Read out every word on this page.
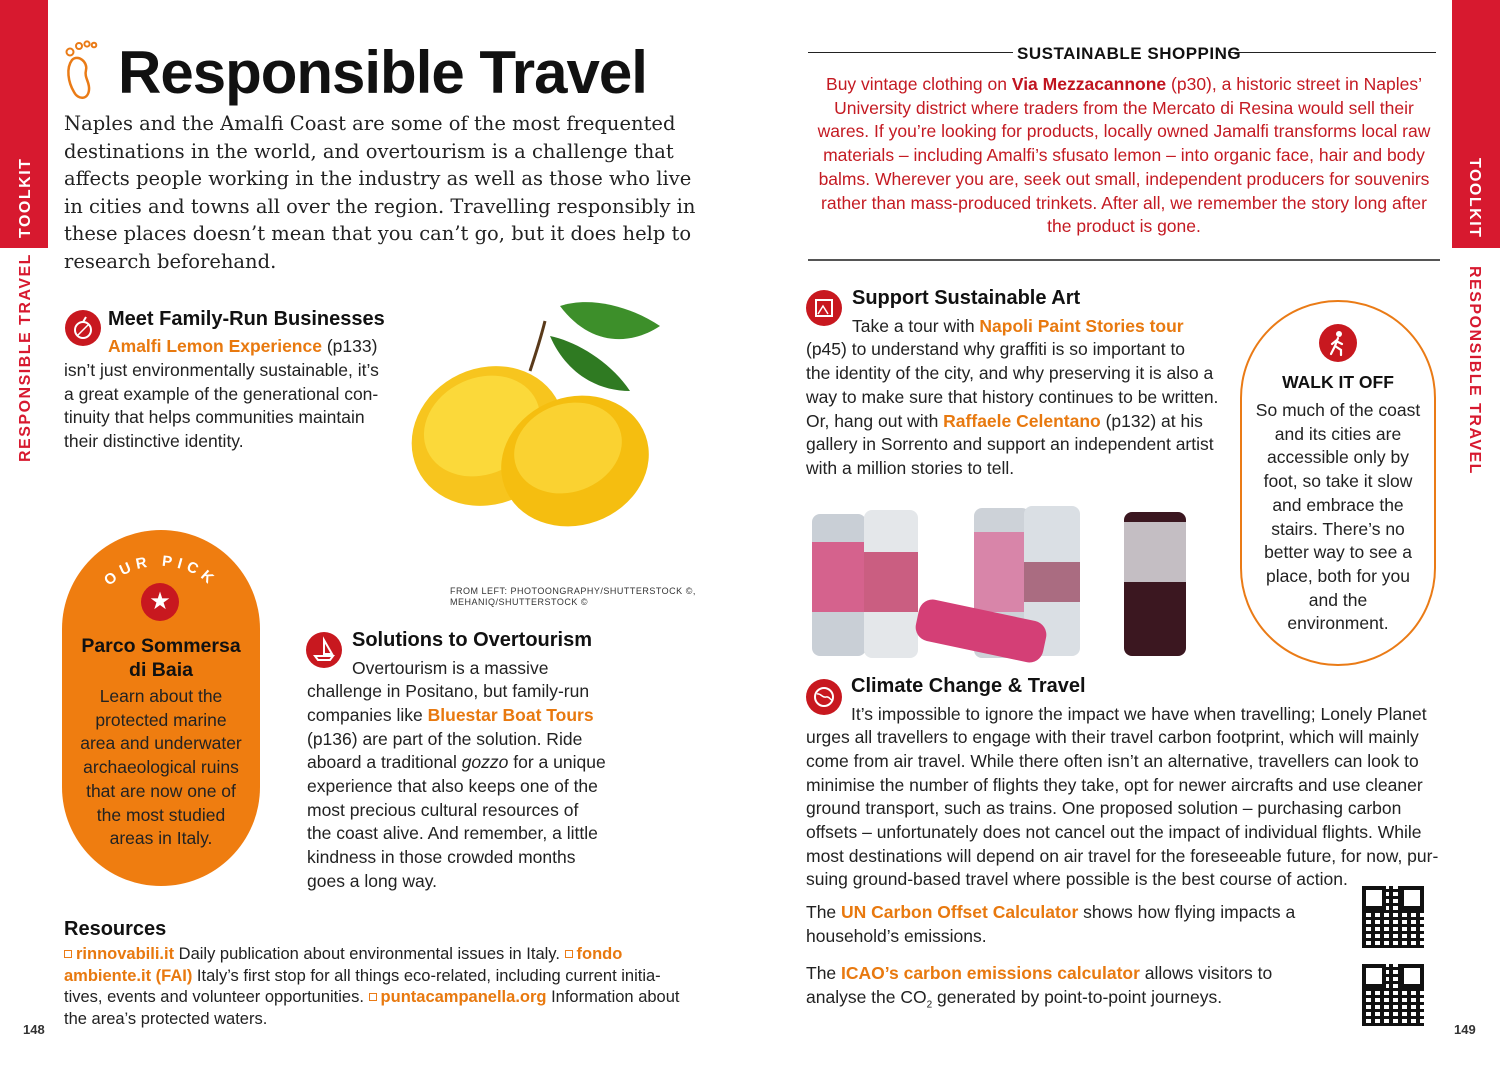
TOOLKIT
RESPONSIBLE TRAVEL
TOOLKIT
RESPONSIBLE TRAVEL
148	149
Responsible Travel
Naples and the Amalfi Coast are some of the most frequented destinations in the world, and overtourism is a challenge that affects people working in the industry as well as those who live in cities and towns all over the region. Travelling responsibly in these places doesn’t mean that you can’t go, but it does help to research beforehand.
Meet Family-Run Businesses
Amalfi Lemon Experience (p133)
isn’t just environmentally sustainable, it’s
a great example of the generational con-
tinuity that helps communities maintain
their distinctive identity.
FROM LEFT: PHOTOONGRAPHY/SHUTTERSTOCK ©,
MEHANIQ/SHUTTERSTOCK ©
OUR PICK
★
Parco Sommersa
di Baia
Learn about the
protected marine
area and underwater
archaeological ruins
that are now one of
the most studied
areas in Italy.
Solutions to Overtourism
Overtourism is a massive
challenge in Positano, but family-run
companies like Bluestar Boat Tours
(p136) are part of the solution. Ride
aboard a traditional gozzo for a unique
experience that also keeps one of the
most precious cultural resources of
the coast alive. And remember, a little
kindness in those crowded months
goes a long way.
Resources
rinnovabili.it Daily publication about environmental issues in Italy. fondo ambiente.it (FAI) Italy’s first stop for all things eco-related, including current initia- tives, events and volunteer opportunities. puntacampanella.org Information about the area’s protected waters.
SUSTAINABLE SHOPPING
Buy vintage clothing on Via Mezzacannone (p30), a historic street in Naples’ University district where traders from the Mercato di Resina would sell their wares. If you’re looking for products, locally owned Jamalfi transforms local raw materials – including Amalfi’s sfusato lemon – into organic face, hair and body balms. Wherever you are, seek out small, independent producers for souvenirs rather than mass-produced trinkets. After all, we remember the story long after the product is gone.
Support Sustainable Art
Take a tour with Napoli Paint Stories tour
(p45) to understand why graffiti is so important to
the identity of the city, and why preserving it is also a
way to make sure that history continues to be written.
Or, hang out with Raffaele Celentano (p132) at his
gallery in Sorrento and support an independent artist
with a million stories to tell.
WALK IT OFF
So much of the coast
and its cities are
accessible only by
foot, so take it slow
and embrace the
stairs. There’s no
better way to see a
place, both for you
and the
environment.
Climate Change & Travel
It’s impossible to ignore the impact we have when travelling; Lonely Planet
urges all travellers to engage with their travel carbon footprint, which will mainly
come from air travel. While there often isn’t an alternative, travellers can look to
minimise the number of flights they take, opt for newer aircrafts and use cleaner
ground transport, such as trains. One proposed solution – purchasing carbon
offsets – unfortunately does not cancel out the impact of individual flights. While
most destinations will depend on air travel for the foreseeable future, for now, pur-
suing ground-based travel where possible is the best course of action.
The UN Carbon Offset Calculator shows how flying impacts a
household’s emissions.
The ICAO’s carbon emissions calculator allows visitors to
analyse the $CO_2$ generated by point-to-point journeys.
